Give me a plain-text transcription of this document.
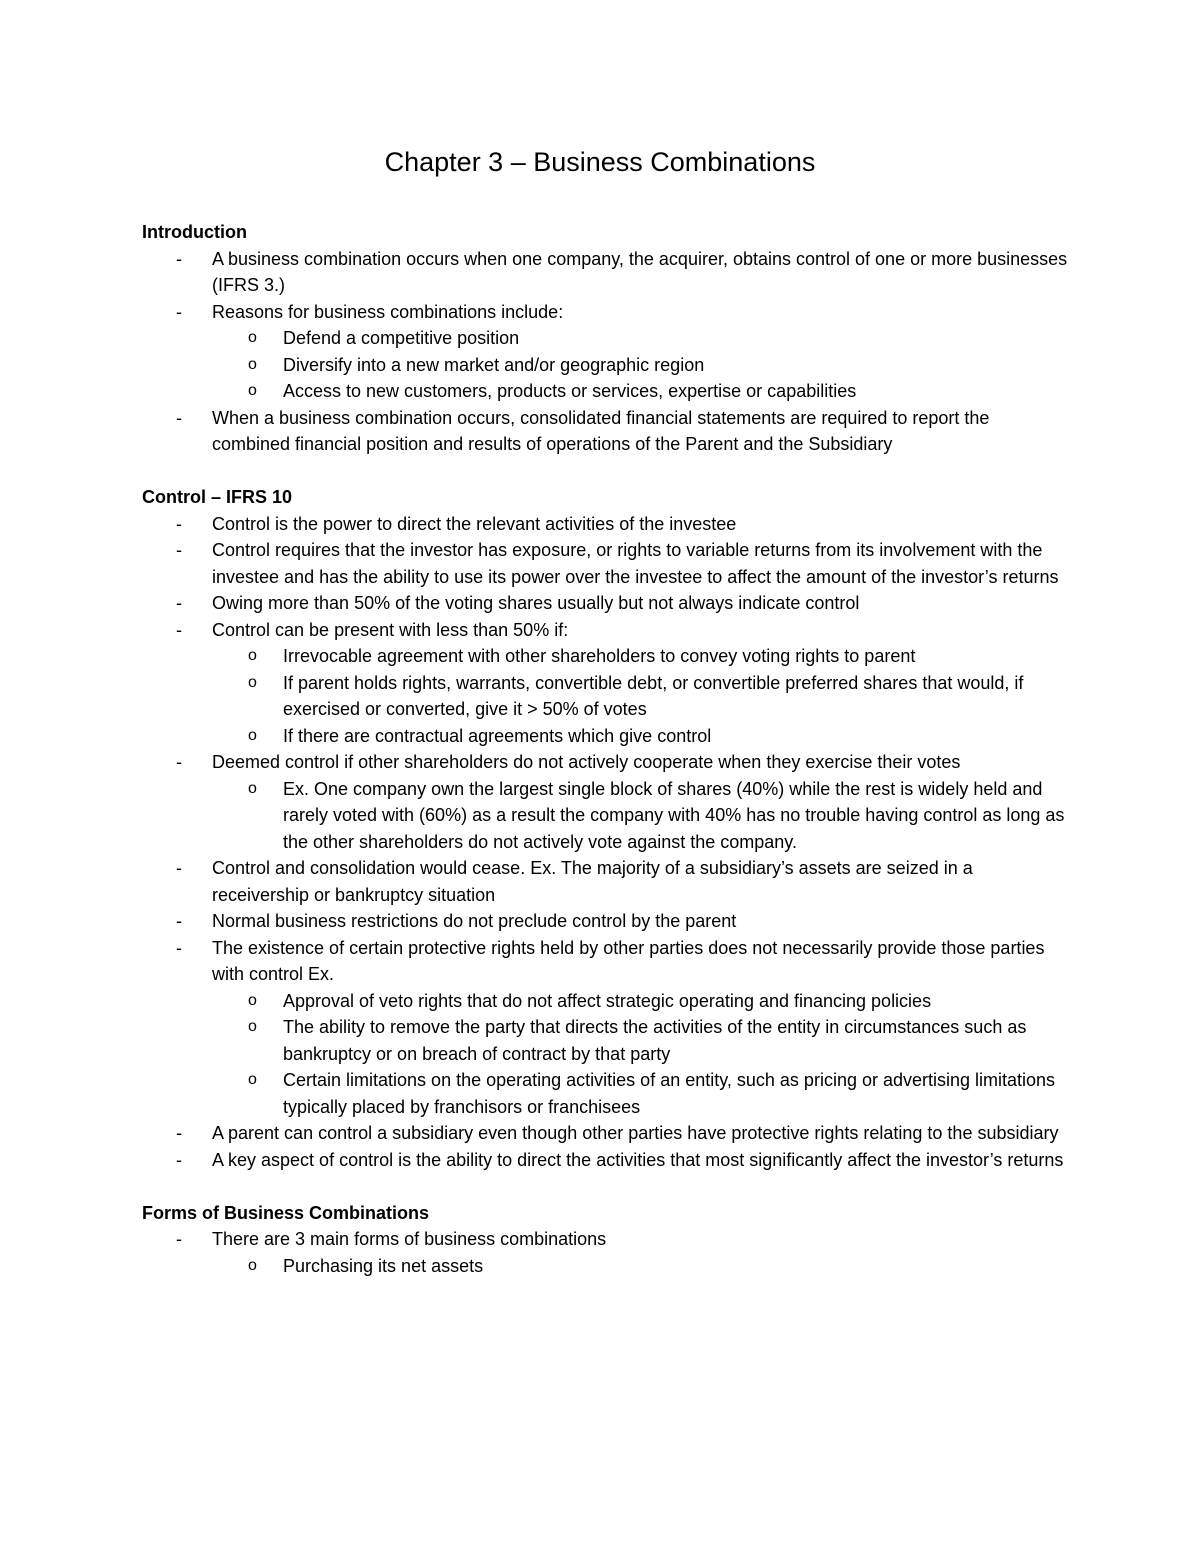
Chapter 3 – Business Combinations
Introduction
- A business combination occurs when one company, the acquirer, obtains control of one or more businesses (IFRS 3.)
- Reasons for business combinations include:
o Defend a competitive position
o Diversify into a new market and/or geographic region
o Access to new customers, products or services, expertise or capabilities
- When a business combination occurs, consolidated financial statements are required to report the combined financial position and results of operations of the Parent and the Subsidiary
Control – IFRS 10
- Control is the power to direct the relevant activities of the investee
- Control requires that the investor has exposure, or rights to variable returns from its involvement with the investee and has the ability to use its power over the investee to affect the amount of the investor’s returns
- Owing more than 50% of the voting shares usually but not always indicate control
- Control can be present with less than 50% if:
o Irrevocable agreement with other shareholders to convey voting rights to parent
o If parent holds rights, warrants, convertible debt, or convertible preferred shares that would, if exercised or converted, give it > 50% of votes
o If there are contractual agreements which give control
- Deemed control if other shareholders do not actively cooperate when they exercise their votes
o Ex. One company own the largest single block of shares (40%) while the rest is widely held and rarely voted with (60%) as a result the company with 40% has no trouble having control as long as the other shareholders do not actively vote against the company.
- Control and consolidation would cease. Ex. The majority of a subsidiary’s assets are seized in a receivership or bankruptcy situation
- Normal business restrictions do not preclude control by the parent
- The existence of certain protective rights held by other parties does not necessarily provide those parties with control Ex.
o Approval of veto rights that do not affect strategic operating and financing policies
o The ability to remove the party that directs the activities of the entity in circumstances such as bankruptcy or on breach of contract by that party
o Certain limitations on the operating activities of an entity, such as pricing or advertising limitations typically placed by franchisors or franchisees
- A parent can control a subsidiary even though other parties have protective rights relating to the subsidiary
- A key aspect of control is the ability to direct the activities that most significantly affect the investor’s returns
Forms of Business Combinations
- There are 3 main forms of business combinations
o Purchasing its net assets
